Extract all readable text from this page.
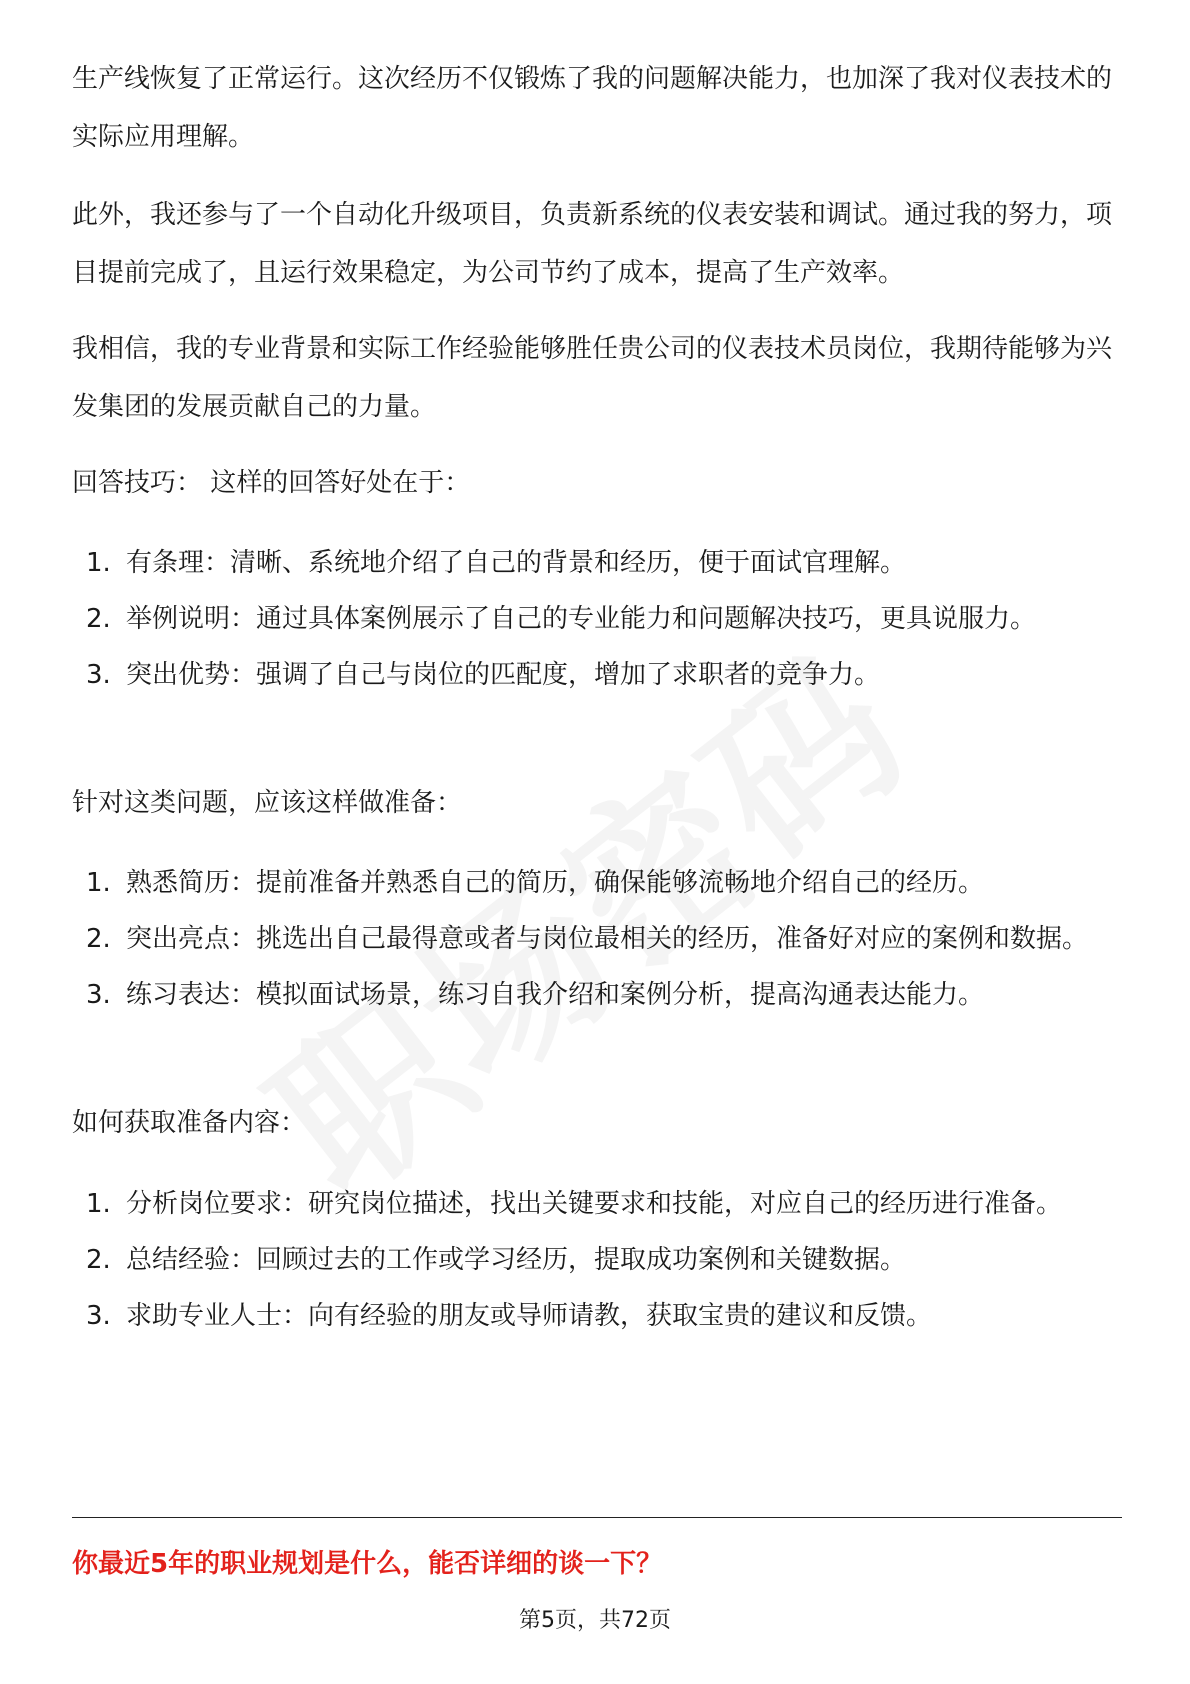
生产线恢复了正常运行。这次经历不仅锻炼了我的问题解决能力，也加深了我对仪表技术的实际应用理解。

此外，我还参与了一个自动化升级项目，负责新系统的仪表安装和调试。通过我的努力，项目提前完成了，且运行效果稳定，为公司节约了成本，提高了生产效率。

我相信，我的专业背景和实际工作经验能够胜任贵公司的仪表技术员岗位，我期待能够为兴发集团的发展贡献自己的力量。

回答技巧： 这样的回答好处在于：

1. 有条理：清晰、系统地介绍了自己的背景和经历，便于面试官理解。
2. 举例说明：通过具体案例展示了自己的专业能力和问题解决技巧，更具说服力。
3. 突出优势：强调了自己与岗位的匹配度，增加了求职者的竞争力。

针对这类问题，应该这样做准备：

1. 熟悉简历：提前准备并熟悉自己的简历，确保能够流畅地介绍自己的经历。
2. 突出亮点：挑选出自己最得意或者与岗位最相关的经历，准备好对应的案例和数据。
3. 练习表达：模拟面试场景，练习自我介绍和案例分析，提高沟通表达能力。

如何获取准备内容：

1. 分析岗位要求：研究岗位描述，找出关键要求和技能，对应自己的经历进行准备。
2. 总结经验：回顾过去的工作或学习经历，提取成功案例和关键数据。
3. 求助专业人士：向有经验的朋友或导师请教，获取宝贵的建议和反馈。

你最近5年的职业规划是什么，能否详细的谈一下？

第5页，共72页
